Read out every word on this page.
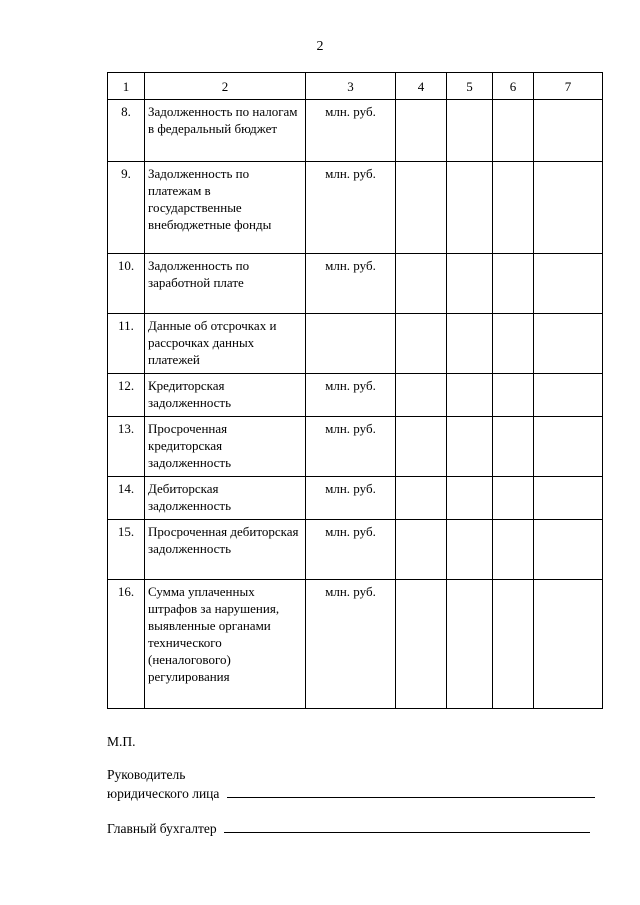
2
1	2	3	4	5	6	7
8.	Задолженность по налогам в федеральный бюджет	млн. руб.				
9.	Задолженность по платежам в государственные внебюджетные фонды	млн. руб.				
10.	Задолженность по заработной плате	млн. руб.				
11.	Данные об отсрочках и рассрочках данных платежей					
12.	Кредиторская задолженность	млн. руб.				
13.	Просроченная кредиторская задолженность	млн. руб.				
14.	Дебиторская задолженность	млн. руб.				
15.	Просроченная дебиторская задолженность	млн. руб.				
16.	Сумма уплаченных штрафов за нарушения, выявленные органами технического (неналогового) регулирования	млн. руб.				
М.П.
Руководитель
юридического лица
Главный бухгалтер
